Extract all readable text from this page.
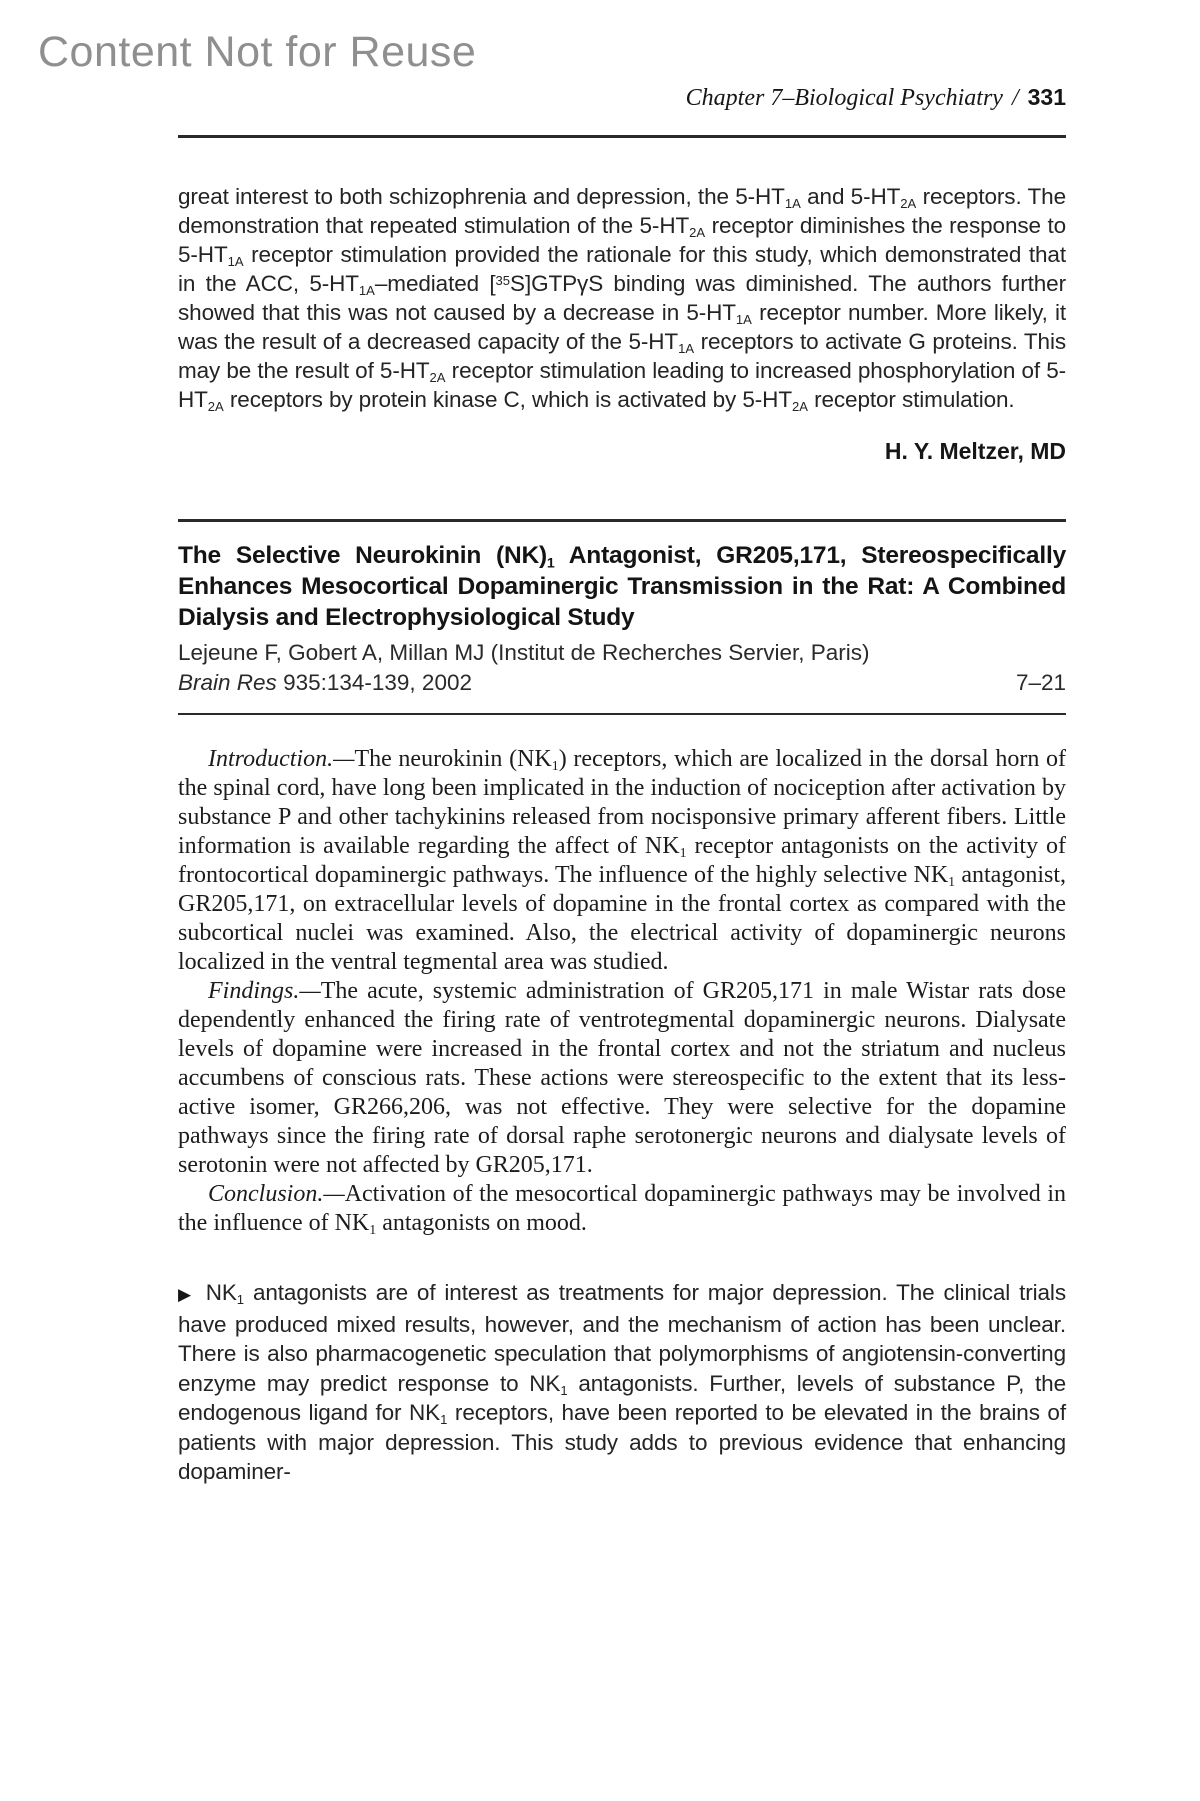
Content Not for Reuse
Chapter 7–Biological Psychiatry / 331

great interest to both schizophrenia and depression, the $5-HT_{1A}$ and $5-HT_{2A}$ receptors. The demonstration that repeated stimulation of the $5-HT_{2A}$ receptor diminishes the response to $5-HT_{1A}$ receptor stimulation provided the rationale for this study, which demonstrated that in the ACC, $5-HT_{1A}$–mediated [$^{35}$S]GTPγS binding was diminished. The authors further showed that this was not caused by a decrease in $5-HT_{1A}$ receptor number. More likely, it was the result of a decreased capacity of the $5-HT_{1A}$ receptors to activate G proteins. This may be the result of $5-HT_{2A}$ receptor stimulation leading to increased phosphorylation of $5-HT_{2A}$ receptors by protein kinase C, which is activated by $5-HT_{2A}$ receptor stimulation.

H. Y. Meltzer, MD
The Selective Neurokinin $(NK)_1$ Antagonist, GR205,171, Stereospecifically Enhances Mesocortical Dopaminergic Transmission in the Rat: A Combined Dialysis and Electrophysiological Study
Lejeune F, Gobert A, Millan MJ (Institut de Recherches Servier, Paris)
Brain Res 935:134-139, 2002	7–21

Introduction.—The neurokinin $(NK_1)$ receptors, which are localized in the dorsal horn of the spinal cord, have long been implicated in the induction of nociception after activation by substance P and other tachykinins released from nocisponsive primary afferent fibers. Little information is available regarding the affect of $NK_1$ receptor antagonists on the activity of frontocortical dopaminergic pathways. The influence of the highly selective $NK_1$ antagonist, GR205,171, on extracellular levels of dopamine in the frontal cortex as compared with the subcortical nuclei was examined. Also, the electrical activity of dopaminergic neurons localized in the ventral tegmental area was studied.

Findings.—The acute, systemic administration of GR205,171 in male Wistar rats dose dependently enhanced the firing rate of ventrotegmental dopaminergic neurons. Dialysate levels of dopamine were increased in the frontal cortex and not the striatum and nucleus accumbens of conscious rats. These actions were stereospecific to the extent that its less-active isomer, GR266,206, was not effective. They were selective for the dopamine pathways since the firing rate of dorsal raphe serotonergic neurons and dialysate levels of serotonin were not affected by GR205,171.

Conclusion.—Activation of the mesocortical dopaminergic pathways may be involved in the influence of $NK_1$ antagonists on mood.

▶ $NK_1$ antagonists are of interest as treatments for major depression. The clinical trials have produced mixed results, however, and the mechanism of action has been unclear. There is also pharmacogenetic speculation that polymorphisms of angiotensin-converting enzyme may predict response to $NK_1$ antagonists. Further, levels of substance P, the endogenous ligand for $NK_1$ receptors, have been reported to be elevated in the brains of patients with major depression. This study adds to previous evidence that enhancing dopaminer-
